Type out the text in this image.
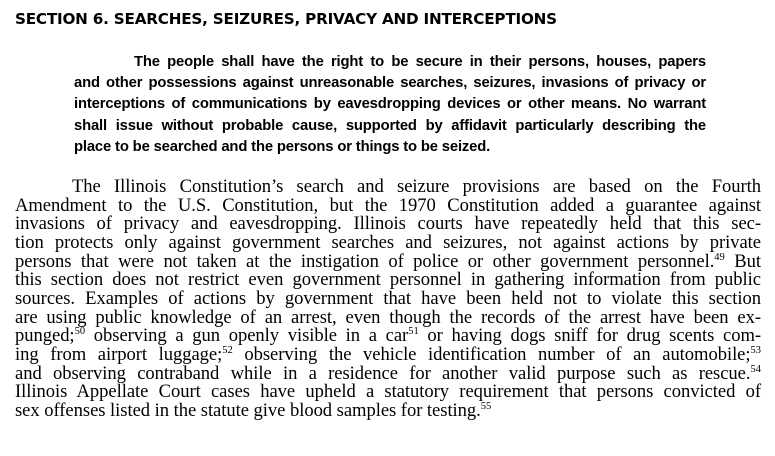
SECTION 6. SEARCHES, SEIZURES, PRIVACY AND INTERCEPTIONS
The people shall have the right to be secure in their persons, houses, papers
and other possessions against unreasonable searches, seizures, invasions of privacy or
interceptions of communications by eavesdropping devices or other means. No warrant
shall issue without probable cause, supported by affidavit particularly describing the
place to be searched and the persons or things to be seized.
The Illinois Constitution’s search and seizure provisions are based on the Fourth
Amendment to the U.S. Constitution, but the 1970 Constitution added a guarantee against
invasions of privacy and eavesdropping. Illinois courts have repeatedly held that this sec-
tion protects only against government searches and seizures, not against actions by private
persons that were not taken at the instigation of police or other government personnel.$^{49}$ But
this section does not restrict even government personnel in gathering information from public
sources. Examples of actions by government that have been held not to violate this section
are using public knowledge of an arrest, even though the records of the arrest have been ex-
punged;$^{50}$ observing a gun openly visible in a car$^{51}$ or having dogs sniff for drug scents com-
ing from airport luggage;$^{52}$ observing the vehicle identification number of an automobile;$^{53}$
and observing contraband while in a residence for another valid purpose such as rescue.$^{54}$
Illinois Appellate Court cases have upheld a statutory requirement that persons convicted of
sex offenses listed in the statute give blood samples for testing.$^{55}$
